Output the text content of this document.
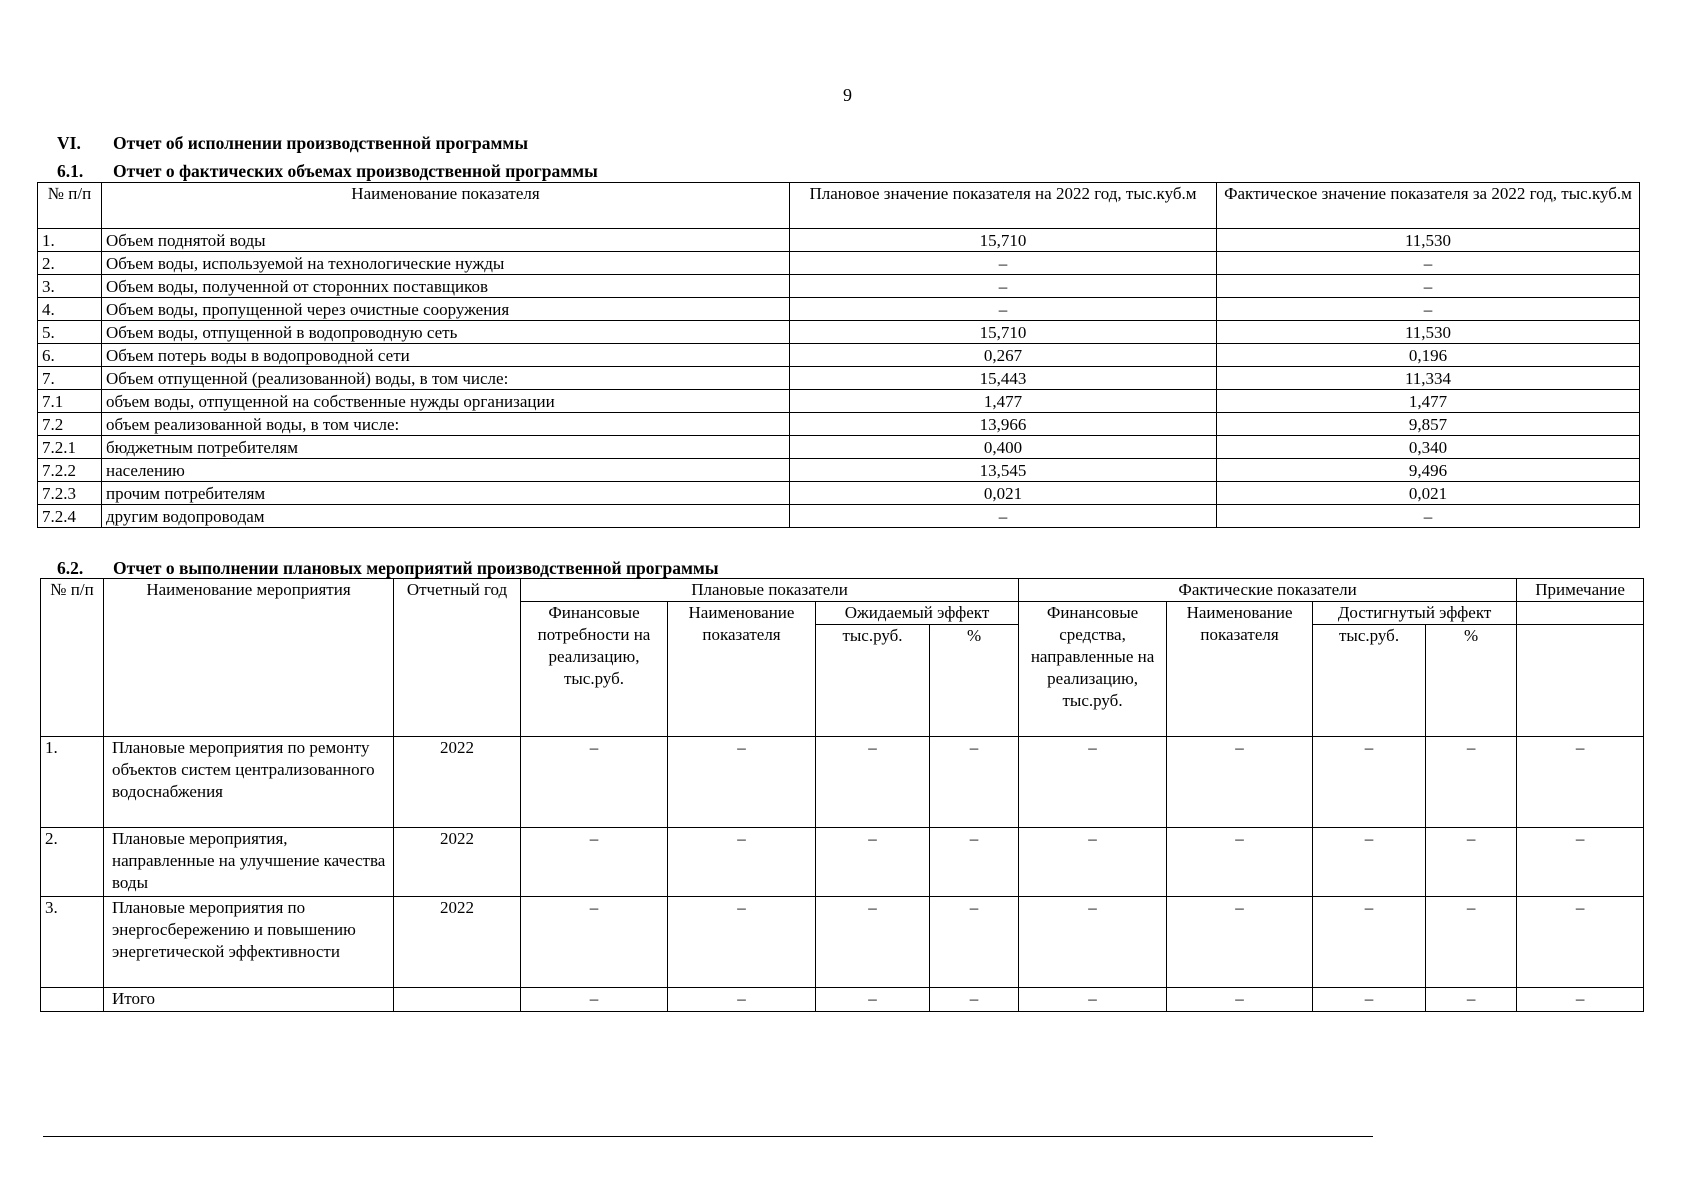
9
VI. Отчет об исполнении производственной программы
6.1. Отчет о фактических объемах производственной программы
№ п/п	Наименование показателя	Плановое значение показателя на 2022 год, тыс.куб.м	Фактическое значение показателя за 2022 год, тыс.куб.м
1.	Объем поднятой воды	15,710	11,530
2.	Объем воды, используемой на технологические нужды	–	–
3.	Объем воды, полученной от сторонних поставщиков	–	–
4.	Объем воды, пропущенной через очистные сооружения	–	–
5.	Объем воды, отпущенной в водопроводную сеть	15,710	11,530
6.	Объем потерь воды в водопроводной сети	0,267	0,196
7.	Объем отпущенной (реализованной) воды, в том числе:	15,443	11,334
7.1	объем воды, отпущенной на собственные нужды организации	1,477	1,477
7.2	объем реализованной воды, в том числе:	13,966	9,857
7.2.1	бюджетным потребителям	0,400	0,340
7.2.2	населению	13,545	9,496
7.2.3	прочим потребителям	0,021	0,021
7.2.4	другим водопроводам	–	–
6.2. Отчет о выполнении плановых мероприятий производственной программы
№ п/п	Наименование мероприятия	Отчетный год	Плановые показатели				Фактические показатели				Примечание
			Финансовые потребности на реализацию, тыс.руб.	Наименование показателя	Ожидаемый эффект		Финансовые средства, направленные на реализацию, тыс.руб.	Наименование показателя	Достигнутый эффект		
					тыс.руб.	%			тыс.руб.	%	
1.	Плановые мероприятия по ремонту объектов систем централизованного водоснабжения	2022	–	–	–	–	–	–	–	–	–
2.	Плановые мероприятия, направленные на улучшение качества воды	2022	–	–	–	–	–	–	–	–	–
3.	Плановые мероприятия по энергосбережению и повышению энергетической эффективности	2022	–	–	–	–	–	–	–	–	–
	Итого		–	–	–	–	–	–	–	–	–
